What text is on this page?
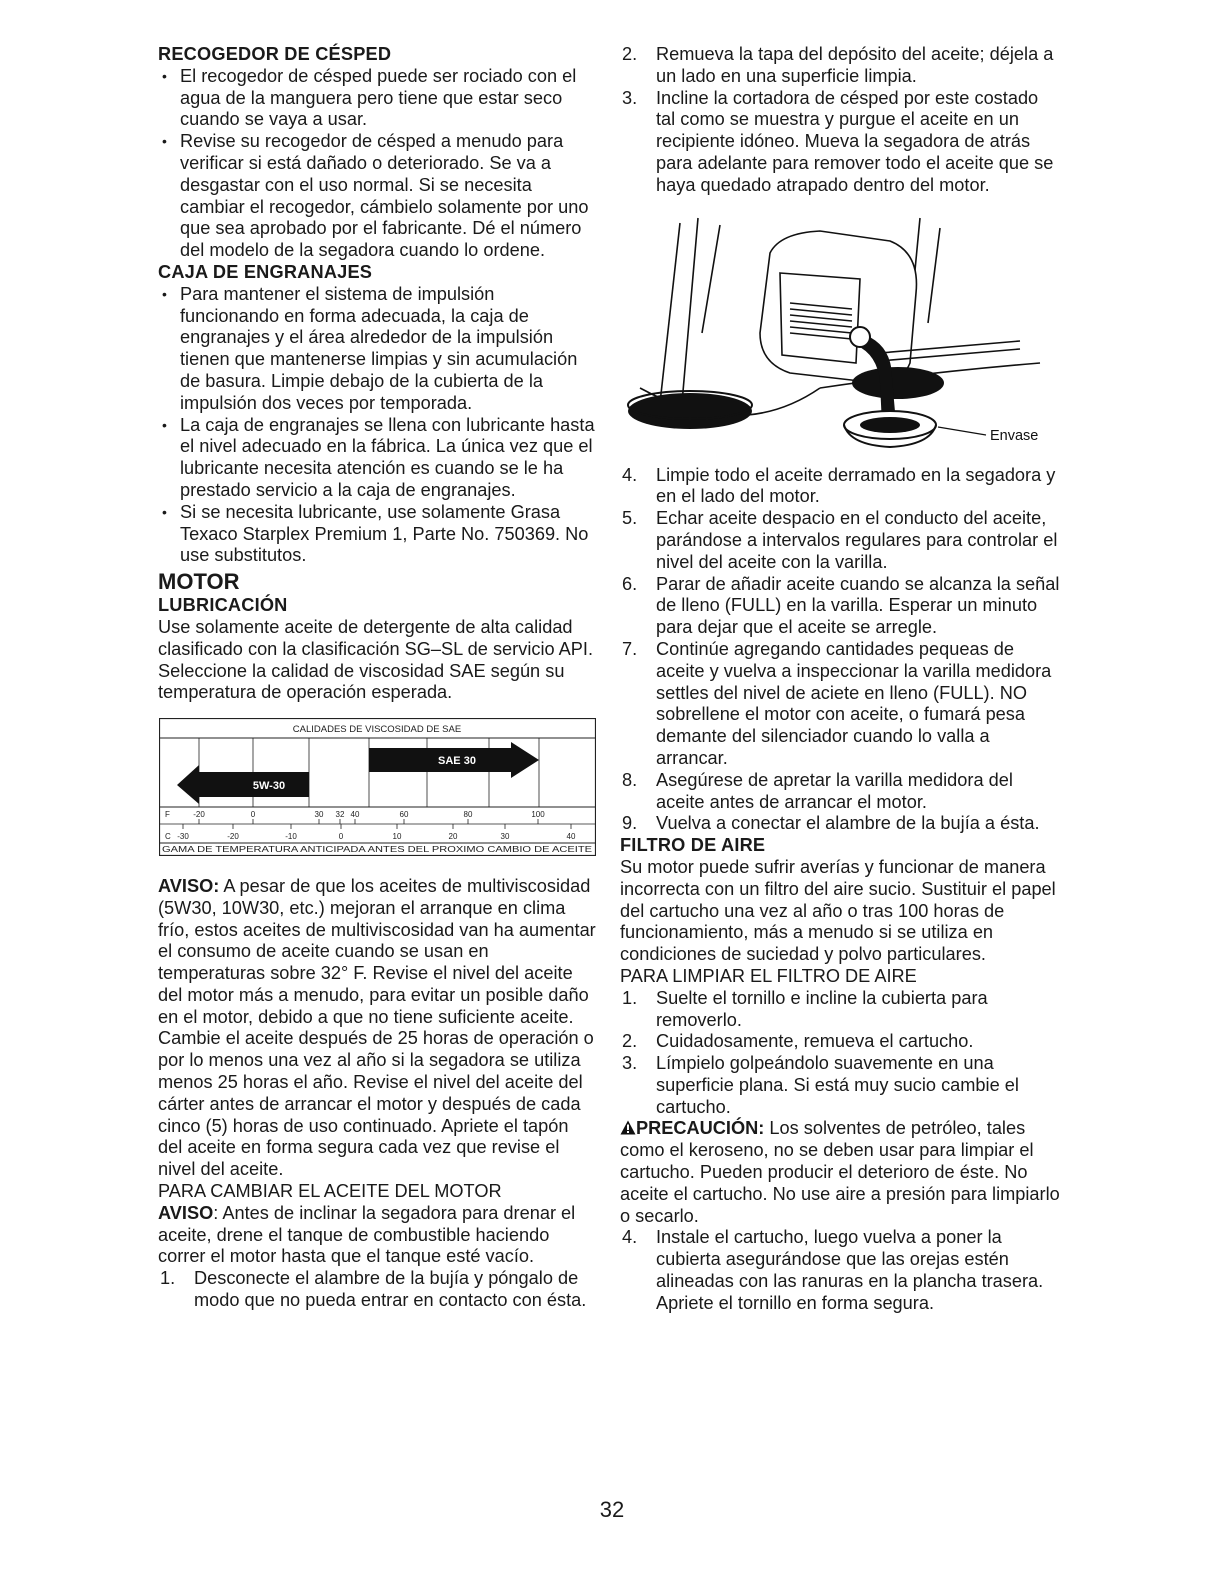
RECOGEDOR DE CÉSPED
• El recogedor de césped puede ser rociado con el agua de la manguera pero tiene que estar seco cuando se vaya a usar.
• Revise su recogedor de césped a menudo para verificar si está dañado o deteriorado. Se va a desgastar con el uso normal. Si se necesita cambiar el recogedor, cámbielo solamente por uno que sea aprobado por el fabricante. Dé el número del modelo de la segadora cuando lo ordene.
CAJA DE ENGRANAJES
• Para mantener el sistema de impulsión funcionando en forma adecuada, la caja de engranajes y el área alrededor de la impulsión tienen que mantenerse limpias y sin acumulación de basura. Limpie debajo de la cubierta de la impulsión dos veces por temporada.
• La caja de engranajes se llena con lubricante hasta el nivel adecuado en la fábrica. La única vez que el lubricante necesita atención es cuando se le ha prestado servicio a la caja de engranajes.
• Si se necesita lubricante, use solamente Grasa Texaco Starplex Premium 1, Parte No. 750369. No use substitutos.
MOTOR
LUBRICACIÓN

Use solamente aceite de detergente de alta calidad clasificado con la clasificación SG–SL de servicio API. Seleccione la calidad de viscosidad SAE según su temperatura de operación esperada.

CALIDADES DE VISCOSIDAD DE SAE
SAE 30
5W-30
F	-20	0	30 32 40	60	80	100
-30	-20	-10	0	10	20	30	40
C
GAMA DE TEMPERATURA ANTICIPADA ANTES DEL PROXIMO CAMBIO DE ACEITE

AVISO: A pesar de que los aceites de multiviscosidad (5W30, 10W30, etc.) mejoran el arranque en clima frío, estos aceites de multiviscosidad van ha aumentar el consumo de aceite cuando se usan en temperaturas sobre 32° F. Revise el nivel del aceite del motor más a menudo, para evitar un posible daño en el motor, debido a que no tiene suficiente aceite. Cambie el aceite después de 25 horas de operación o por lo menos una vez al año si la segadora se utiliza menos 25 horas el año. Revise el nivel del aceite del cárter antes de arrancar el motor y después de cada cinco (5) horas de uso continuado. Apriete el tapón del aceite en forma segura cada vez que revise el nivel del aceite.

PARA CAMBIAR EL ACEITE DEL MOTOR

AVISO: Antes de inclinar la segadora para drenar el aceite, drene el tanque de combustible haciendo correr el motor hasta que el tanque esté vacío.

1. Desconecte el alambre de la bujía y póngalo de modo que no pueda entrar en contacto con ésta.
2. Remueva la tapa del depósito del aceite; déjela a un lado en una superficie limpia.
3. Incline la cortadora de césped por este costado tal como se muestra y purgue el aceite en un recipiente idóneo. Mueva la segadora de atrás para adelante para remover todo el aceite que se haya quedado atrapado dentro del motor.
Envase
4. Limpie todo el aceite derramado en la segadora y en el lado del motor.
5. Echar aceite despacio en el conducto del aceite, parándose a intervalos regulares para controlar el nivel del aceite con la varilla.
6. Parar de añadir aceite cuando se alcanza la señal de lleno (FULL) en la varilla. Esperar un minuto para dejar que el aceite se arregle.
7. Continúe agregando cantidades pequeas de aceite y vuelva a inspeccionar la varilla medidora settles del nivel de aciete en lleno (FULL). NO sobrellene el motor con aceite, o fumará pesa demante del silenciador cuando lo valla a arrancar.
8. Asegúrese de apretar la varilla medidora del aceite antes de arrancar el motor.
9. Vuelva a conectar el alambre de la bujía a ésta.
FILTRO DE AIRE

Su motor puede sufrir averías y funcionar de manera incorrecta con un filtro del aire sucio. Sustituir el papel del cartucho una vez al año o tras 100 horas de funcionamiento, más a menudo si se utiliza en condiciones de suciedad y polvo particulares.

PARA LIMPIAR EL FILTRO DE AIRE
1. Suelte el tornillo e incline la cubierta para removerlo.
2. Cuidadosamente, remueva el cartucho.
3. Límpielo golpeándolo suavemente en una superficie plana. Si está muy sucio cambie el cartucho.

PRECAUCIÓN: Los solventes de petróleo, tales como el keroseno, no se deben usar para limpiar el cartucho. Pueden producir el deterioro de éste. No aceite el cartucho. No use aire a presión para limpiarlo o secarlo.

4. Instale el cartucho, luego vuelva a poner la cubierta asegurándose que las orejas estén alineadas con las ranuras en la plancha trasera. Apriete el tornillo en forma segura.
32
